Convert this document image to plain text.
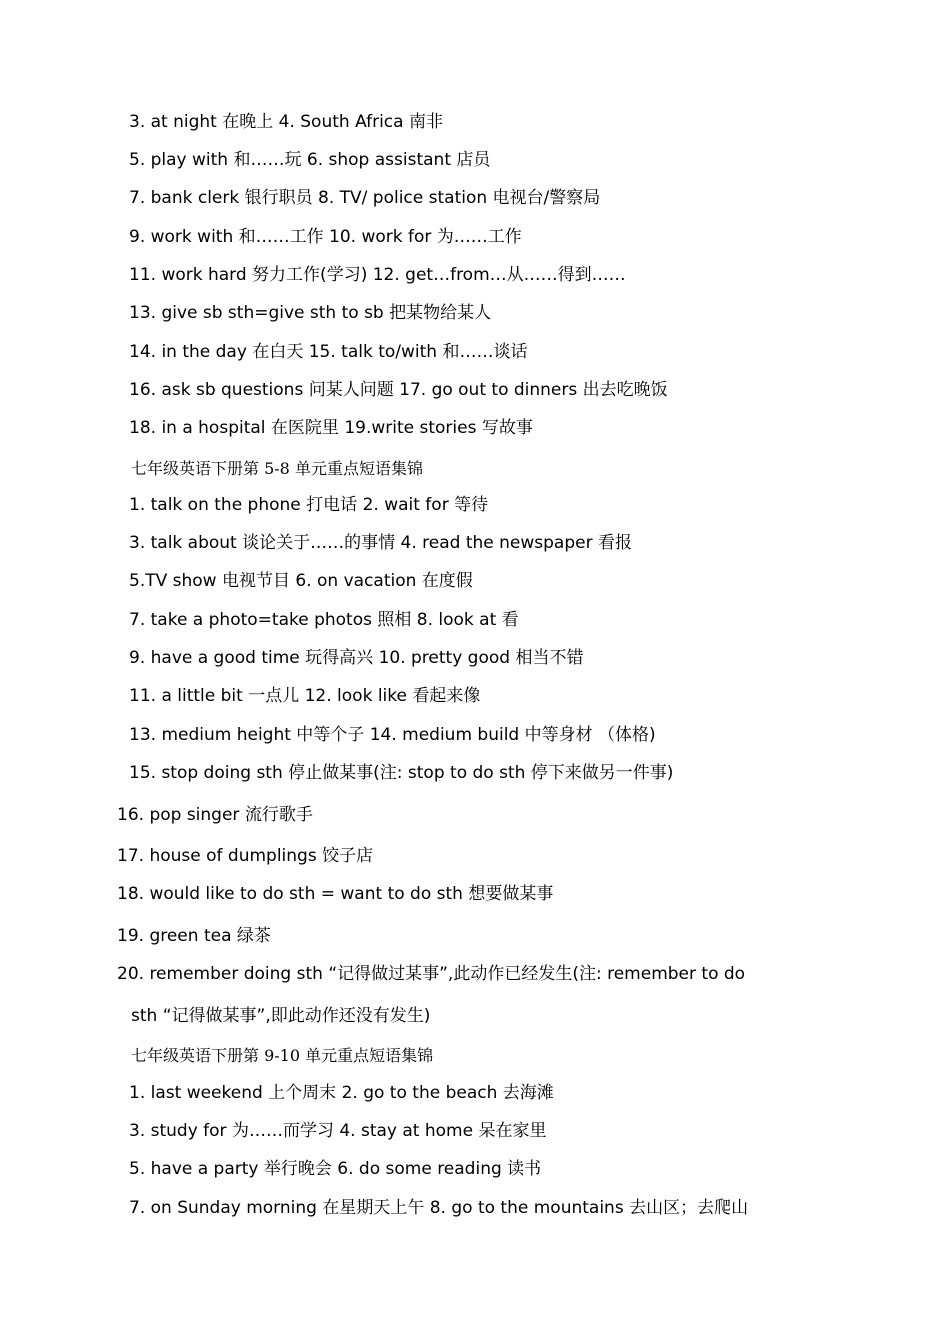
3. at night 在晚上 4. South Africa 南非
5. play with 和……玩 6. shop assistant 店员
7. bank clerk 银行职员 8. TV/ police station 电视台/警察局
9. work with 和……工作 10. work for 为……工作
11. work hard 努力工作(学习) 12. get…from…从……得到……
13. give sb sth=give sth to sb 把某物给某人
14. in the day 在白天 15. talk to/with 和……谈话
16. ask sb questions 问某人问题 17. go out to dinners 出去吃晚饭
18. in a hospital 在医院里 19.write stories 写故事
七年级英语下册第 5-8 单元重点短语集锦
1. talk on the phone 打电话 2. wait for 等待
3. talk about 谈论关于……的事情 4. read the newspaper 看报
5.TV show 电视节目 6. on vacation 在度假
7. take a photo=take photos 照相 8. look at 看
9. have a good time 玩得高兴 10. pretty good 相当不错
11. a little bit 一点儿 12. look like 看起来像
13. medium height 中等个子 14. medium build 中等身材 （体格)
15. stop doing sth 停止做某事(注: stop to do sth 停下来做另一件事)
16. pop singer 流行歌手
17. house of dumplings 饺子店
18. would like to do sth = want to do sth 想要做某事
19. green tea 绿茶
20. remember doing sth “记得做过某事”,此动作已经发生(注: remember to do
sth “记得做某事”,即此动作还没有发生)
七年级英语下册第 9-10 单元重点短语集锦
1. last weekend 上个周末 2. go to the beach 去海滩
3. study for 为……而学习 4. stay at home 呆在家里
5. have a party 举行晚会 6. do some reading 读书
7. on Sunday morning 在星期天上午 8. go to the mountains 去山区；去爬山
